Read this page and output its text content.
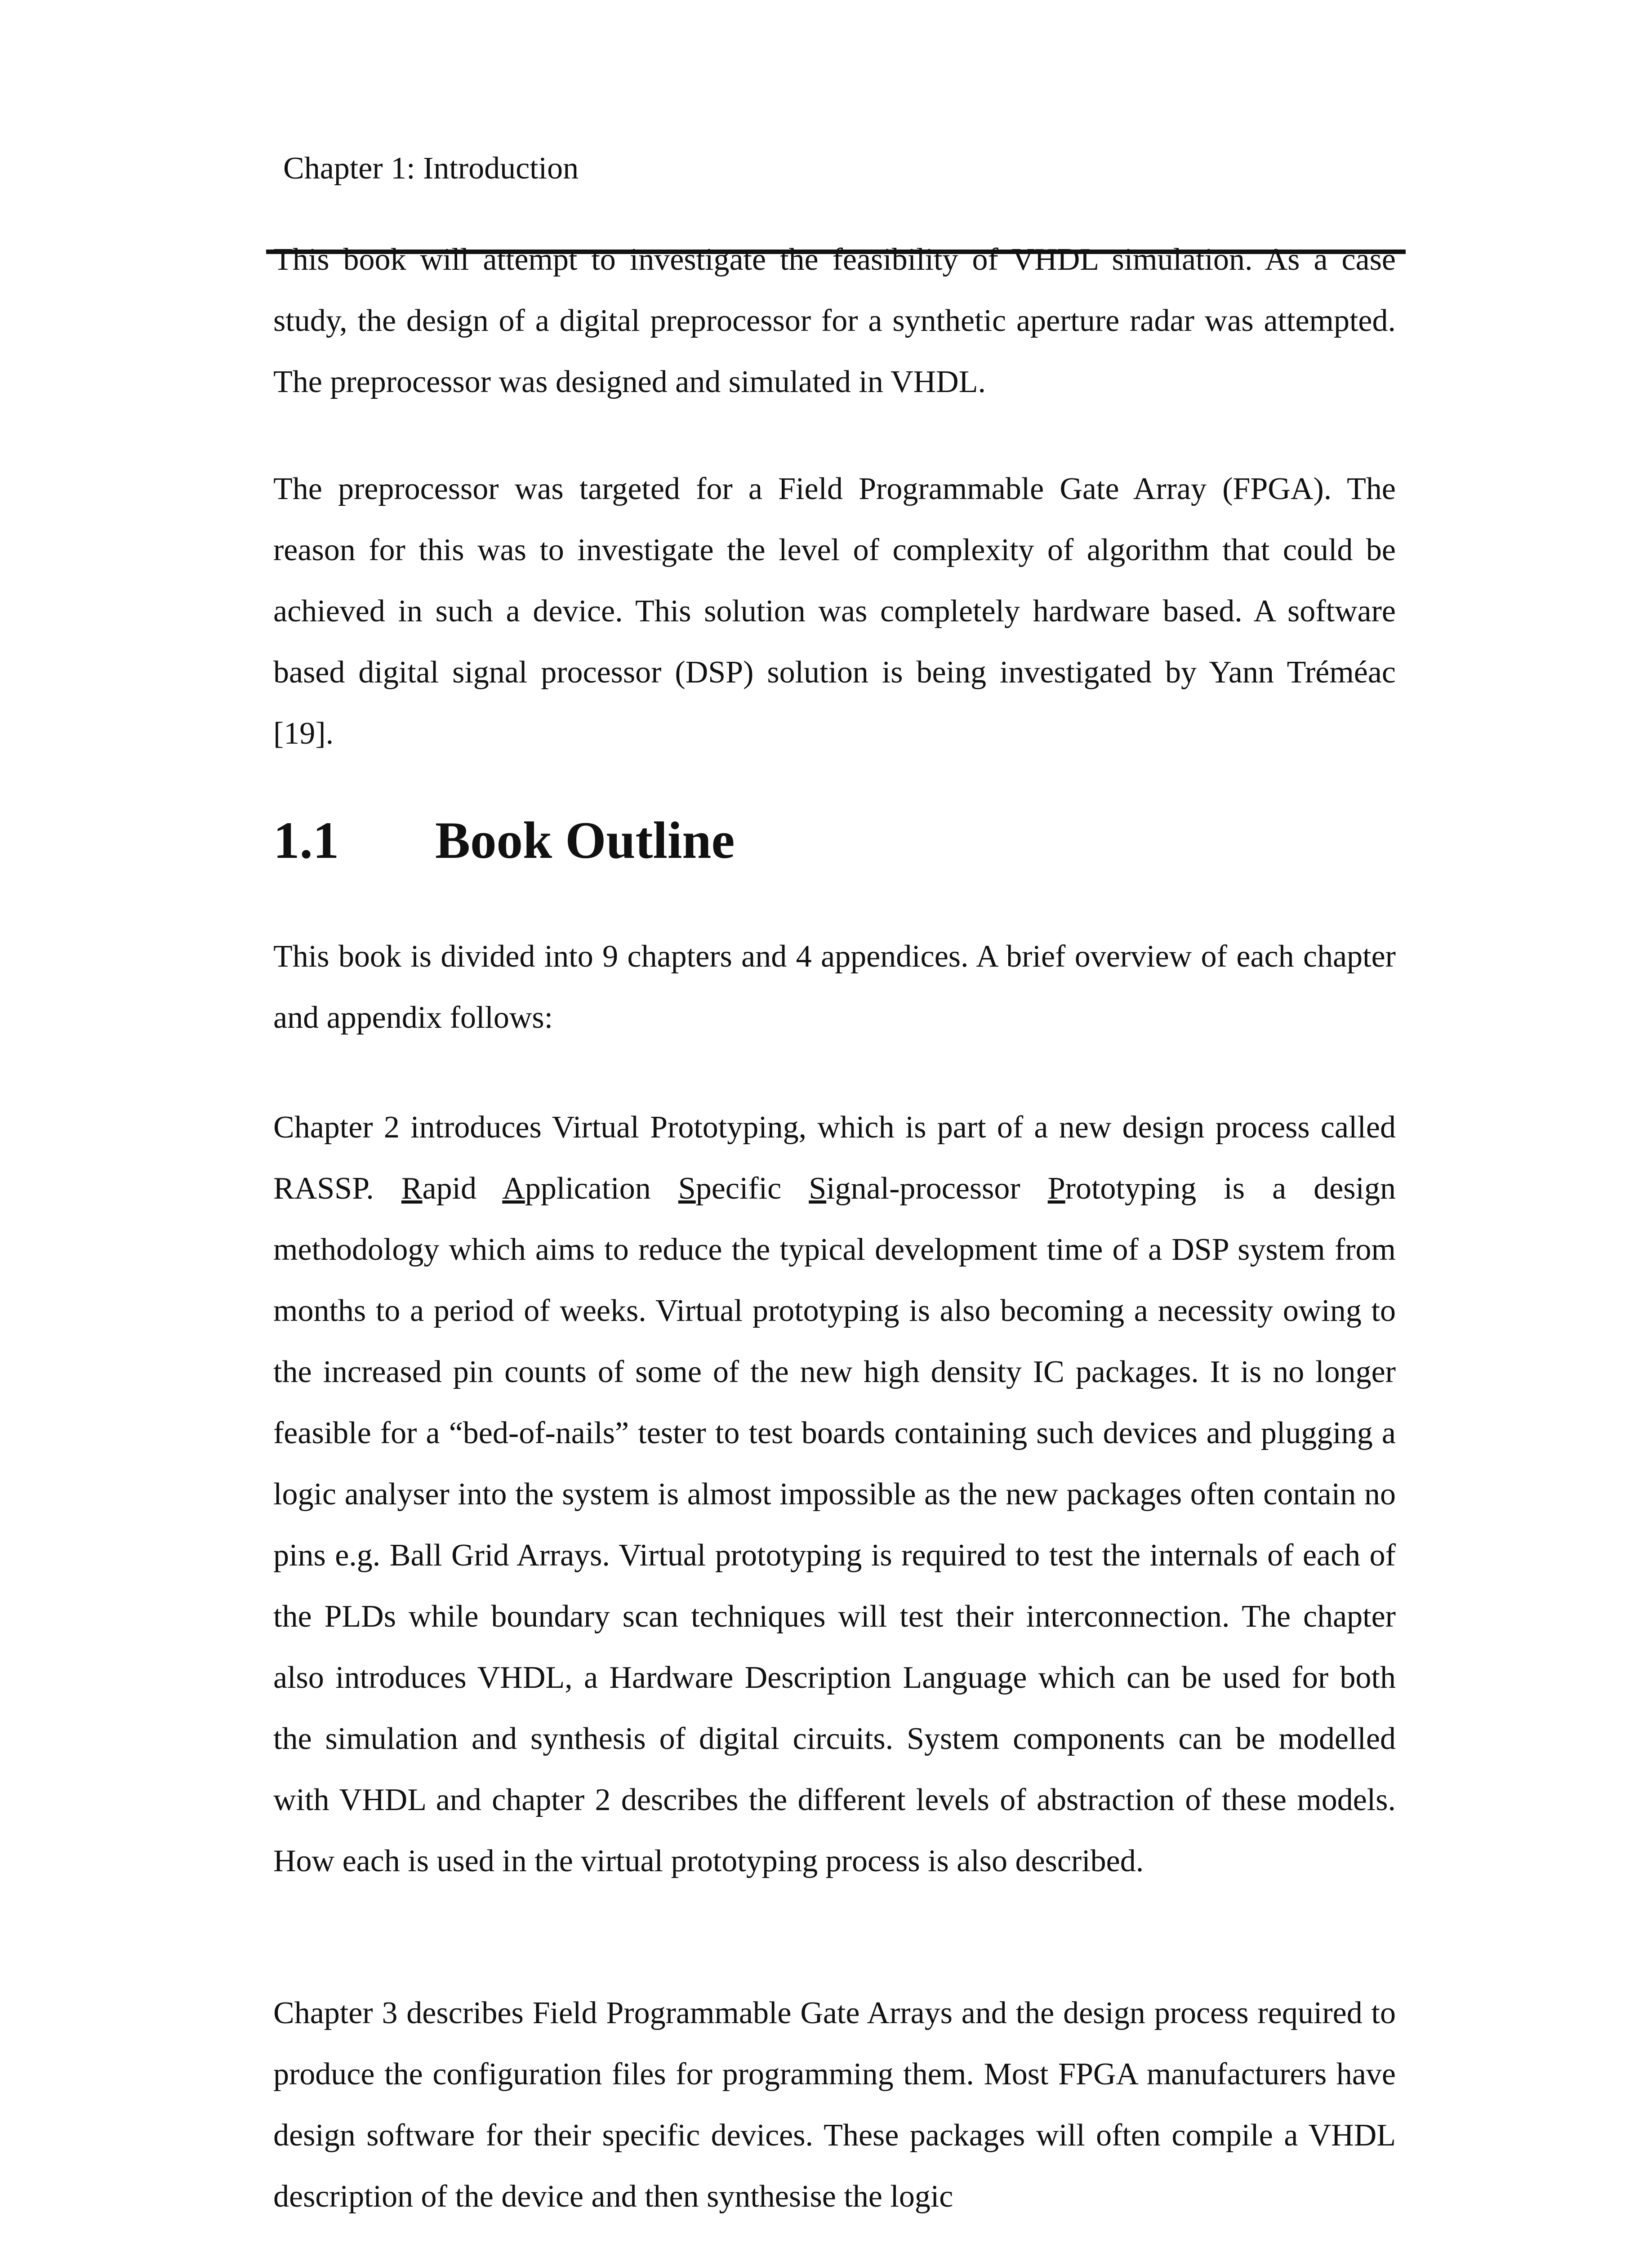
Chapter 1: Introduction

This book will attempt to investigate the feasibility of VHDL simulation. As a case study, the design of a digital preprocessor for a synthetic aperture radar was attempted. The preprocessor was designed and simulated in VHDL.

The preprocessor was targeted for a Field Programmable Gate Array (FPGA). The reason for this was to investigate the level of complexity of algorithm that could be achieved in such a device. This solution was completely hardware based. A software based digital signal processor (DSP) solution is being investigated by Yann Tréméac [19].

1.1 Book Outline

This book is divided into 9 chapters and 4 appendices. A brief overview of each chapter and appendix follows:

Chapter 2 introduces Virtual Prototyping, which is part of a new design process called RASSP. Rapid Application Specific Signal-processor Prototyping is a design methodology which aims to reduce the typical development time of a DSP system from months to a period of weeks. Virtual prototyping is also becoming a necessity owing to the increased pin counts of some of the new high density IC packages. It is no longer feasible for a “bed-of-nails” tester to test boards containing such devices and plugging a logic analyser into the system is almost impossible as the new packages often contain no pins e.g. Ball Grid Arrays. Virtual prototyping is required to test the internals of each of the PLDs while boundary scan techniques will test their interconnection. The chapter also introduces VHDL, a Hardware Description Language which can be used for both the simulation and synthesis of digital circuits. System components can be modelled with VHDL and chapter 2 describes the different levels of abstraction of these models. How each is used in the virtual prototyping process is also described.

Chapter 3 describes Field Programmable Gate Arrays and the design process required to produce the configuration files for programming them. Most FPGA manufacturers have design software for their specific devices. These packages will often compile a VHDL description of the device and then synthesise the logic
